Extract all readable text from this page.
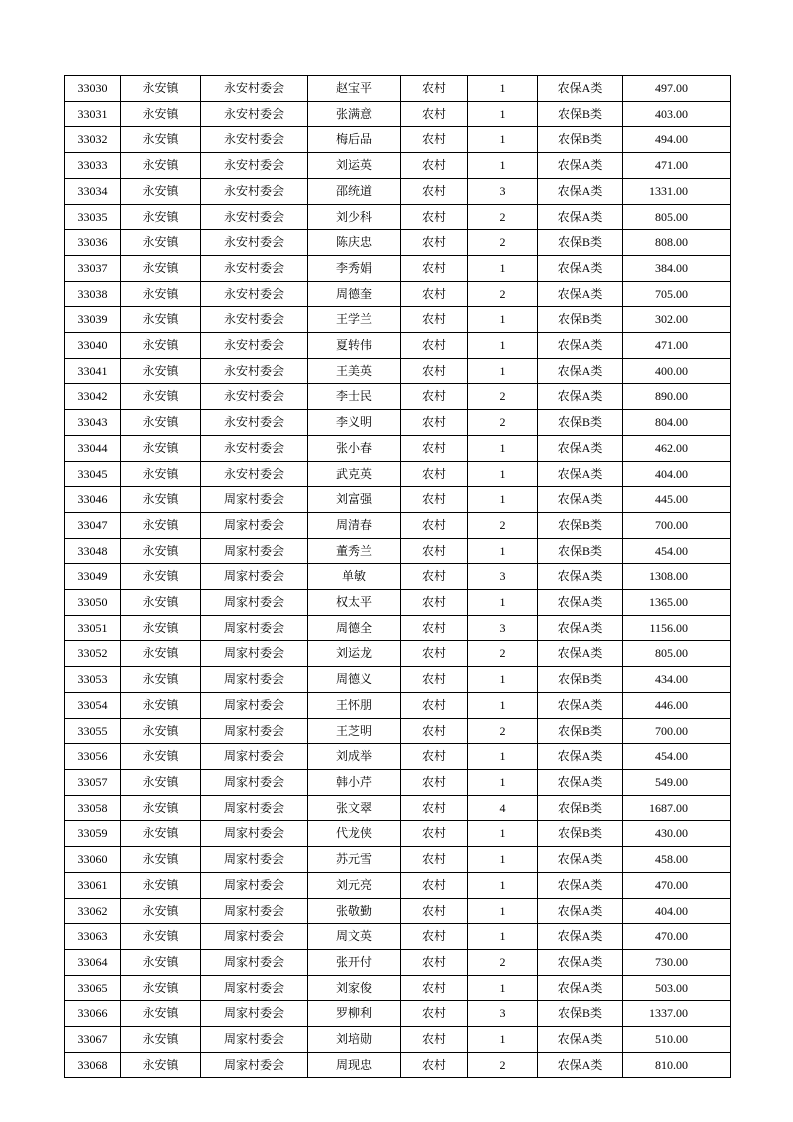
33030	永安镇	永安村委会	赵宝平	农村	1	农保A类	497.00
33031	永安镇	永安村委会	张满意	农村	1	农保B类	403.00
33032	永安镇	永安村委会	梅后品	农村	1	农保B类	494.00
33033	永安镇	永安村委会	刘运英	农村	1	农保A类	471.00
33034	永安镇	永安村委会	邵统道	农村	3	农保A类	1331.00
33035	永安镇	永安村委会	刘少科	农村	2	农保A类	805.00
33036	永安镇	永安村委会	陈庆忠	农村	2	农保B类	808.00
33037	永安镇	永安村委会	李秀娟	农村	1	农保A类	384.00
33038	永安镇	永安村委会	周德奎	农村	2	农保A类	705.00
33039	永安镇	永安村委会	王学兰	农村	1	农保B类	302.00
33040	永安镇	永安村委会	夏转伟	农村	1	农保A类	471.00
33041	永安镇	永安村委会	王美英	农村	1	农保A类	400.00
33042	永安镇	永安村委会	李士民	农村	2	农保A类	890.00
33043	永安镇	永安村委会	李义明	农村	2	农保B类	804.00
33044	永安镇	永安村委会	张小春	农村	1	农保A类	462.00
33045	永安镇	永安村委会	武克英	农村	1	农保A类	404.00
33046	永安镇	周家村委会	刘富强	农村	1	农保A类	445.00
33047	永安镇	周家村委会	周清春	农村	2	农保B类	700.00
33048	永安镇	周家村委会	董秀兰	农村	1	农保B类	454.00
33049	永安镇	周家村委会	单敏	农村	3	农保A类	1308.00
33050	永安镇	周家村委会	权太平	农村	1	农保A类	1365.00
33051	永安镇	周家村委会	周德全	农村	3	农保A类	1156.00
33052	永安镇	周家村委会	刘运龙	农村	2	农保A类	805.00
33053	永安镇	周家村委会	周德义	农村	1	农保B类	434.00
33054	永安镇	周家村委会	王怀朋	农村	1	农保A类	446.00
33055	永安镇	周家村委会	王芝明	农村	2	农保B类	700.00
33056	永安镇	周家村委会	刘成举	农村	1	农保A类	454.00
33057	永安镇	周家村委会	韩小芹	农村	1	农保A类	549.00
33058	永安镇	周家村委会	张文翠	农村	4	农保B类	1687.00
33059	永安镇	周家村委会	代龙侠	农村	1	农保B类	430.00
33060	永安镇	周家村委会	苏元雪	农村	1	农保A类	458.00
33061	永安镇	周家村委会	刘元亮	农村	1	农保A类	470.00
33062	永安镇	周家村委会	张敬勤	农村	1	农保A类	404.00
33063	永安镇	周家村委会	周文英	农村	1	农保A类	470.00
33064	永安镇	周家村委会	张开付	农村	2	农保A类	730.00
33065	永安镇	周家村委会	刘家俊	农村	1	农保A类	503.00
33066	永安镇	周家村委会	罗柳利	农村	3	农保B类	1337.00
33067	永安镇	周家村委会	刘培勋	农村	1	农保A类	510.00
33068	永安镇	周家村委会	周现忠	农村	2	农保A类	810.00
